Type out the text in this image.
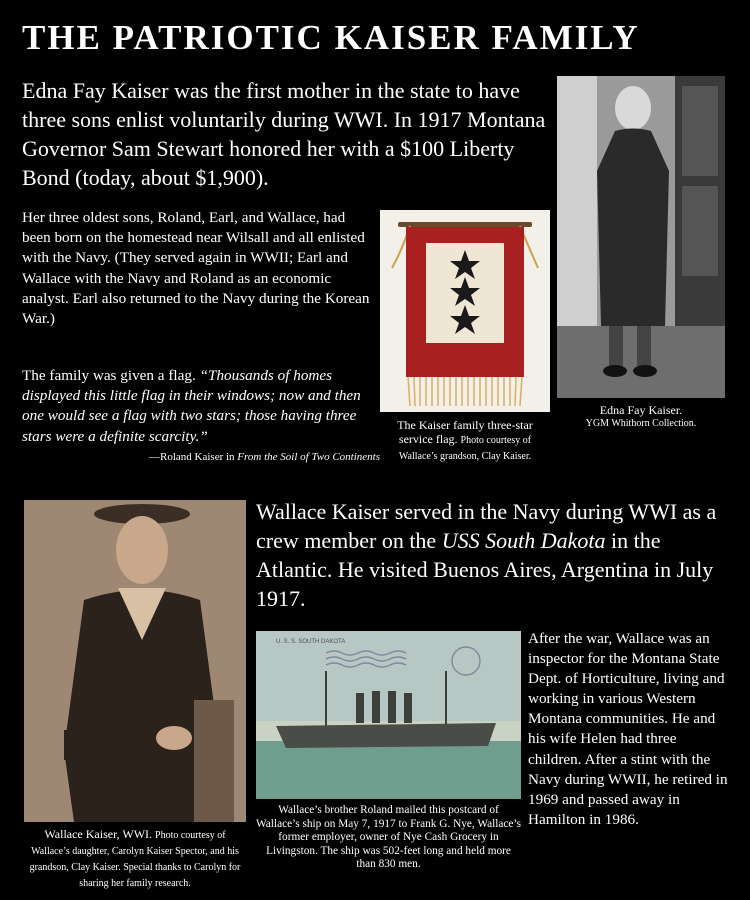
THE PATRIOTIC KAISER FAMILY
Edna Fay Kaiser was the first mother in the state to have three sons enlist voluntarily during WWI. In 1917 Montana Governor Sam Stewart honored her with a $100 Liberty Bond (today, about $1,900).
Her three oldest sons, Roland, Earl, and Wallace, had been born on the homestead near Wilsall and all enlisted with the Navy. (They served again in WWII; Earl and Wallace with the Navy and Roland as an economic analyst. Earl also returned to the Navy during the Korean War.)
The family was given a flag. “Thousands of homes displayed this little flag in their windows; now and then one would see a flag with two stars; those having three stars were a definite scarcity.”
—Roland Kaiser in From the Soil of Two Continents
The Kaiser family three-star service flag. Photo courtesy of Wallace’s grandson, Clay Kaiser.
Edna Fay Kaiser.
YGM Whithorn Collection.
Wallace Kaiser served in the Navy during WWI as a crew member on the USS South Dakota in the Atlantic. He visited Buenos Aires, Argentina in July 1917.
Wallace Kaiser, WWI. Photo courtesy of Wallace’s daughter, Carolyn Kaiser Spector, and his grandson, Clay Kaiser. Special thanks to Carolyn for sharing her family research.
U. S. S. SOUTH DAKOTA
Wallace’s brother Roland mailed this postcard of Wallace’s ship on May 7, 1917 to Frank G. Nye, Wallace’s former employer, owner of Nye Cash Grocery in Livingston. The ship was 502-feet long and held more than 830 men.
After the war, Wallace was an inspector for the Montana State Dept. of Horticulture, living and working in various Western Montana communities. He and his wife Helen had three children. After a stint with the Navy during WWII, he retired in 1969 and passed away in Hamilton in 1986.
